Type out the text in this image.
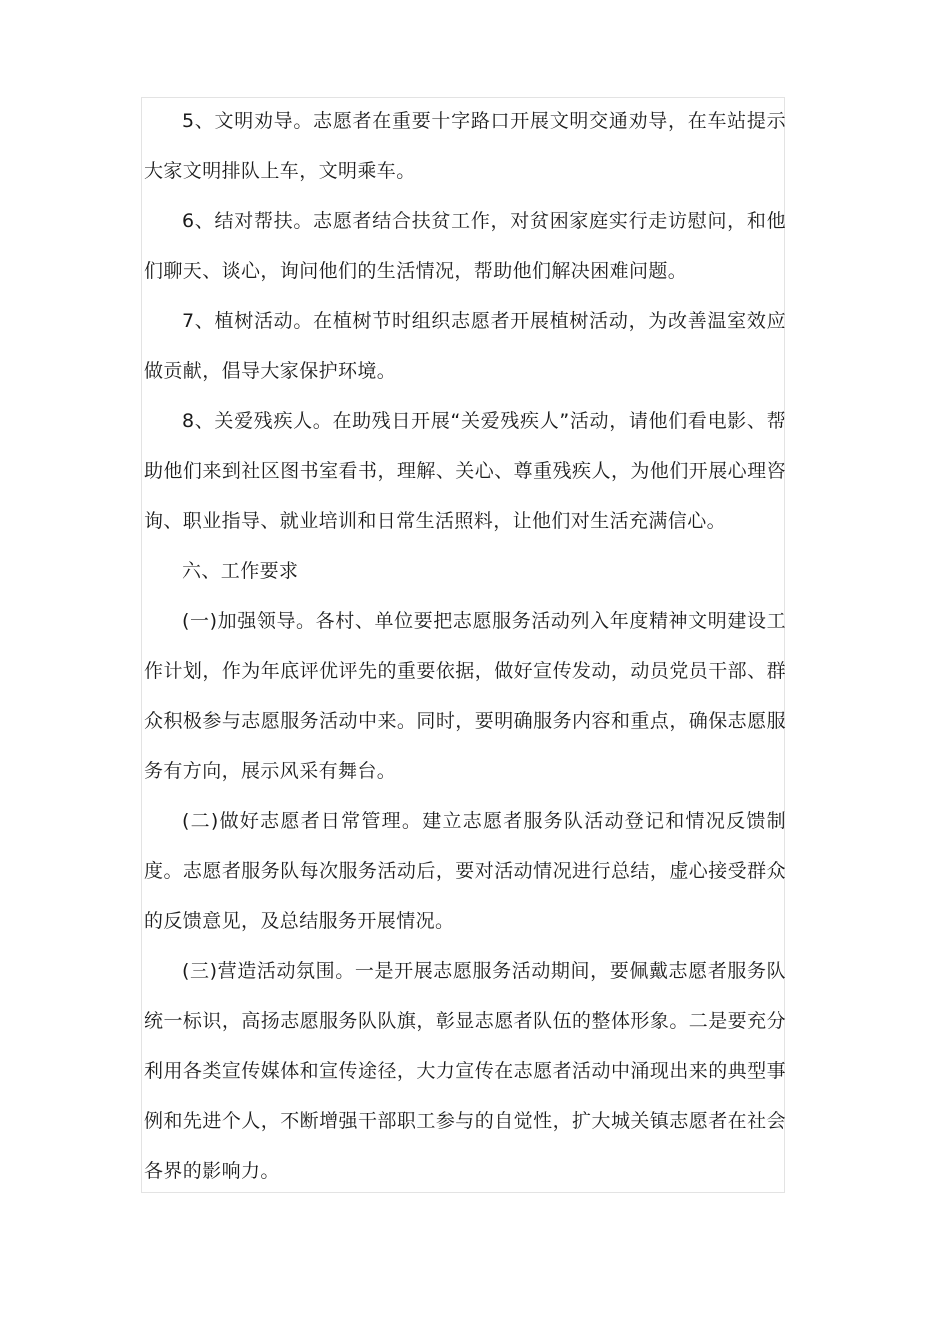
5、文明劝导。志愿者在重要十字路口开展文明交通劝导，在车站提示大家文明排队上车，文明乘车。

6、结对帮扶。志愿者结合扶贫工作，对贫困家庭实行走访慰问，和他们聊天、谈心，询问他们的生活情况，帮助他们解决困难问题。

7、植树活动。在植树节时组织志愿者开展植树活动，为改善温室效应做贡献，倡导大家保护环境。

8、关爱残疾人。在助残日开展“关爱残疾人”活动，请他们看电影、帮助他们来到社区图书室看书，理解、关心、尊重残疾人，为他们开展心理咨询、职业指导、就业培训和日常生活照料，让他们对生活充满信心。

六、工作要求

(一)加强领导。各村、单位要把志愿服务活动列入年度精神文明建设工作计划，作为年底评优评先的重要依据，做好宣传发动，动员党员干部、群众积极参与志愿服务活动中来。同时，要明确服务内容和重点，确保志愿服务有方向，展示风采有舞台。

(二)做好志愿者日常管理。建立志愿者服务队活动登记和情况反馈制度。志愿者服务队每次服务活动后，要对活动情况进行总结，虚心接受群众的反馈意见，及总结服务开展情况。

(三)营造活动氛围。一是开展志愿服务活动期间，要佩戴志愿者服务队统一标识，高扬志愿服务队队旗，彰显志愿者队伍的整体形象。二是要充分利用各类宣传媒体和宣传途径，大力宣传在志愿者活动中涌现出来的典型事例和先进个人，不断增强干部职工参与的自觉性，扩大城关镇志愿者在社会各界的影响力。
